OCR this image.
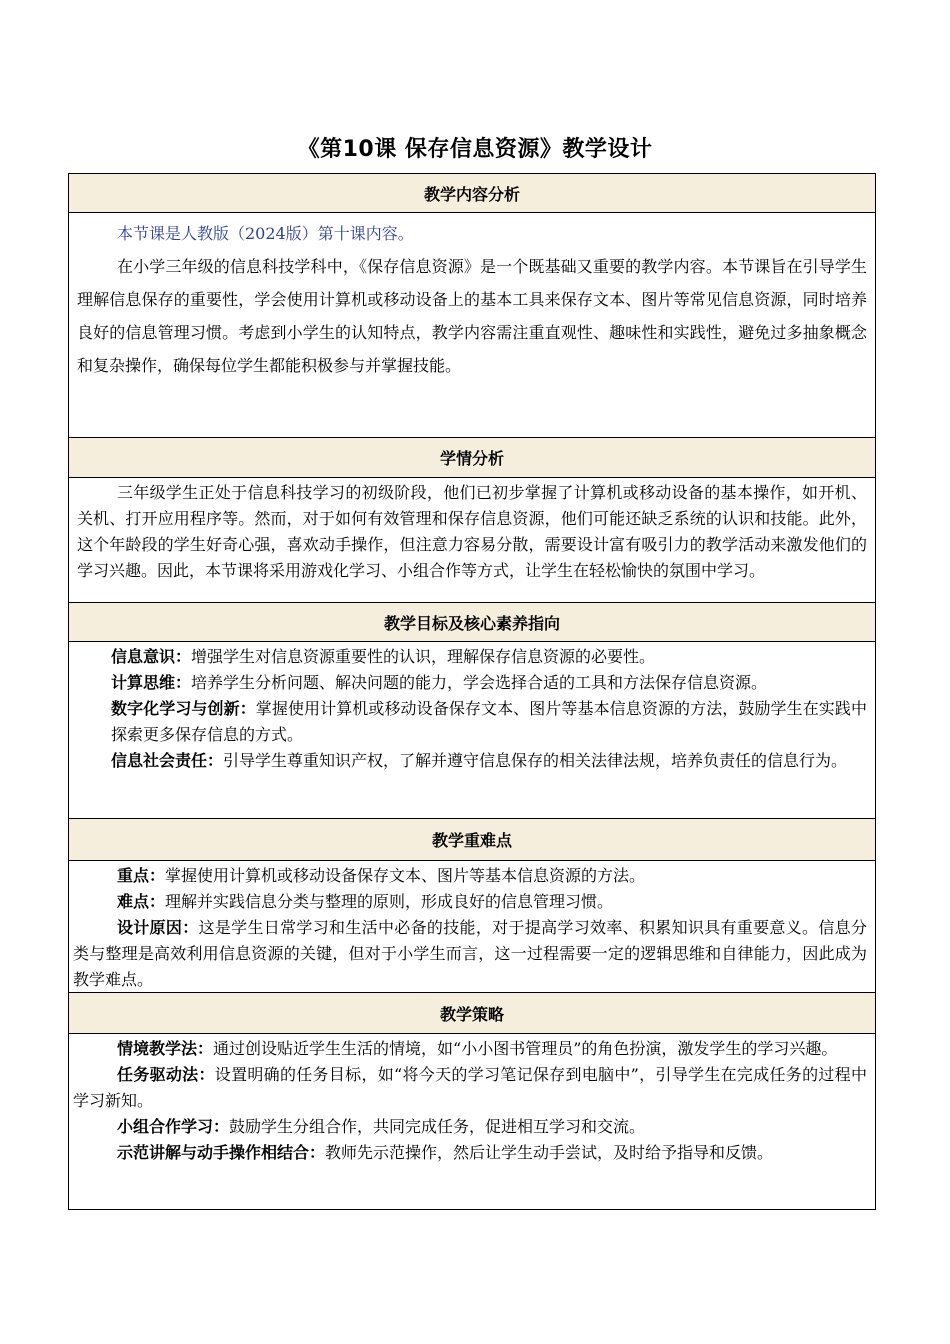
《第10课 保存信息资源》教学设计
教学内容分析

本节课是人教版（2024版）第十课内容。

在小学三年级的信息科技学科中，《保存信息资源》是一个既基础又重要的教学内容。本节课旨在引导学生理解信息保存的重要性，学会使用计算机或移动设备上的基本工具来保存文本、图片等常见信息资源，同时培养良好的信息管理习惯。考虑到小学生的认知特点，教学内容需注重直观性、趣味性和实践性，避免过多抽象概念和复杂操作，确保每位学生都能积极参与并掌握技能。

学情分析

三年级学生正处于信息科技学习的初级阶段，他们已初步掌握了计算机或移动设备的基本操作，如开机、关机、打开应用程序等。然而，对于如何有效管理和保存信息资源，他们可能还缺乏系统的认识和技能。此外，这个年龄段的学生好奇心强，喜欢动手操作，但注意力容易分散，需要设计富有吸引力的教学活动来激发他们的学习兴趣。因此，本节课将采用游戏化学习、小组合作等方式，让学生在轻松愉快的氛围中学习。

教学目标及核心素养指向

信息意识：增强学生对信息资源重要性的认识，理解保存信息资源的必要性。

计算思维：培养学生分析问题、解决问题的能力，学会选择合适的工具和方法保存信息资源。

数字化学习与创新：掌握使用计算机或移动设备保存文本、图片等基本信息资源的方法，鼓励学生在实践中探索更多保存信息的方式。

信息社会责任：引导学生尊重知识产权，了解并遵守信息保存的相关法律法规，培养负责任的信息行为。

教学重难点

重点：掌握使用计算机或移动设备保存文本、图片等基本信息资源的方法。

难点：理解并实践信息分类与整理的原则，形成良好的信息管理习惯。

设计原因：这是学生日常学习和生活中必备的技能，对于提高学习效率、积累知识具有重要意义。信息分类与整理是高效利用信息资源的关键，但对于小学生而言，这一过程需要一定的逻辑思维和自律能力，因此成为教学难点。

教学策略

情境教学法：通过创设贴近学生生活的情境，如“小小图书管理员”的角色扮演，激发学生的学习兴趣。

任务驱动法：设置明确的任务目标，如“将今天的学习笔记保存到电脑中”，引导学生在完成任务的过程中学习新知。

小组合作学习：鼓励学生分组合作，共同完成任务，促进相互学习和交流。

示范讲解与动手操作相结合：教师先示范操作，然后让学生动手尝试，及时给予指导和反馈。
